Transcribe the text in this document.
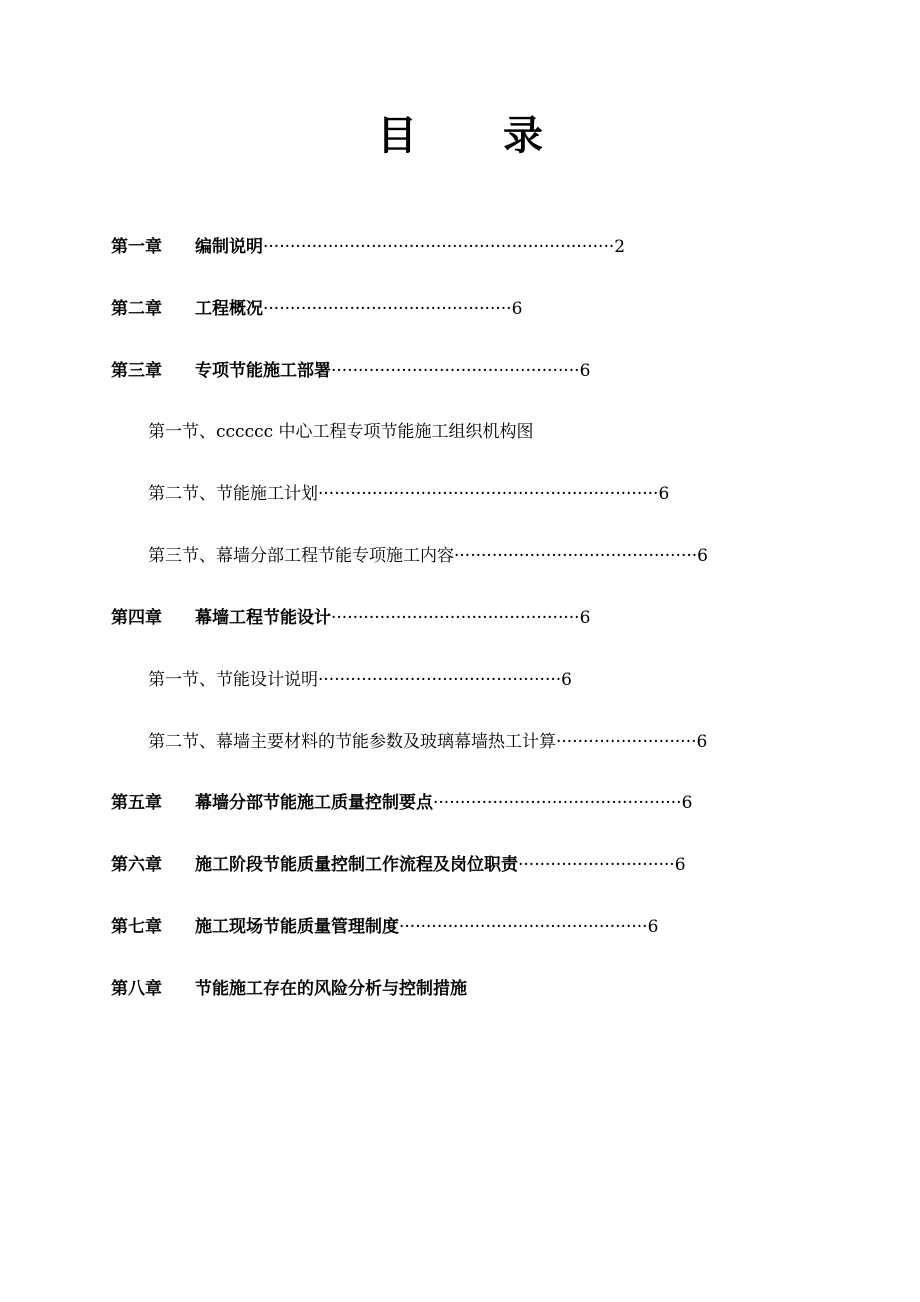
目 录
第一章 编制说明·································································2
第二章 工程概况··············································6
第三章 专项节能施工部署··············································6
第一节、cccccc 中心工程专项节能施工组织机构图
第二节、节能施工计划·······························································6
第三节、幕墙分部工程节能专项施工内容·············································6
第四章 幕墙工程节能设计··············································6
第一节、节能设计说明·············································6
第二节、幕墙主要材料的节能参数及玻璃幕墙热工计算··························6
第五章 幕墙分部节能施工质量控制要点··············································6
第六章 施工阶段节能质量控制工作流程及岗位职责·····························6
第七章 施工现场节能质量管理制度··············································6
第八章 节能施工存在的风险分析与控制措施
